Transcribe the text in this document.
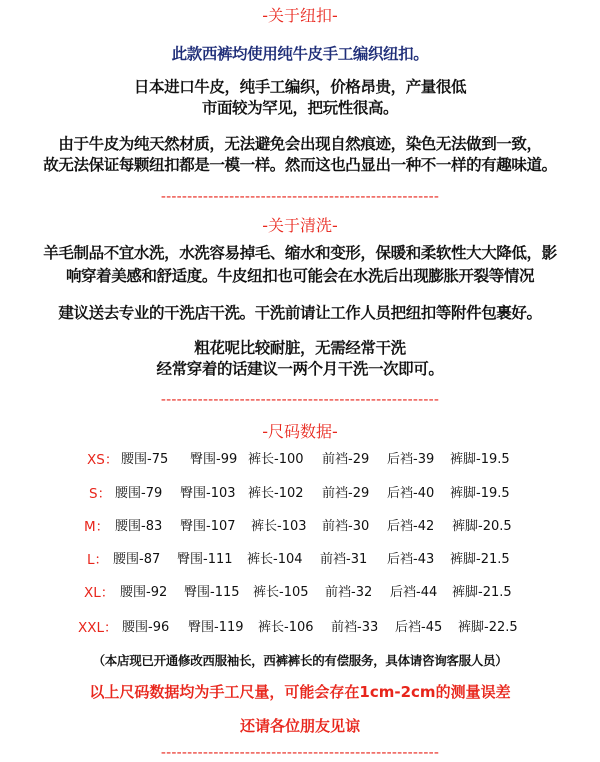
-关于纽扣-
此款西裤均使用纯牛皮手工编织纽扣。
日本进口牛皮，纯手工编织，价格昂贵，产量很低
市面较为罕见，把玩性很高。
由于牛皮为纯天然材质，无法避免会出现自然痕迹，染色无法做到一致，
故无法保证每颗纽扣都是一模一样。然而这也凸显出一种不一样的有趣味道。
-----------------------------------------------------
-关于清洗-
羊毛制品不宜水洗，水洗容易掉毛、缩水和变形，保暖和柔软性大大降低，影
响穿着美感和舒适度。牛皮纽扣也可能会在水洗后出现膨胀开裂等情况
建议送去专业的干洗店干洗。干洗前请让工作人员把纽扣等附件包裹好。
粗花呢比较耐脏，无需经常干洗
经常穿着的话建议一两个月干洗一次即可。
-----------------------------------------------------
-尺码数据-
XS： 腰围-75 臀围-99 裤长-100 前裆-29 后裆-39 裤脚-19.5
S： 腰围-79 臀围-103 裤长-102 前裆-29 后裆-40 裤脚-19.5
M： 腰围-83 臀围-107 裤长-103 前裆-30 后裆-42 裤脚-20.5
L： 腰围-87 臀围-111 裤长-104 前裆-31 后裆-43 裤脚-21.5
XL： 腰围-92 臀围-115 裤长-105 前裆-32 后裆-44 裤脚-21.5
XXL： 腰围-96 臀围-119 裤长-106 前裆-33 后裆-45 裤脚-22.5
（本店现已开通修改西服袖长，西裤裤长的有偿服务，具体请咨询客服人员）
以上尺码数据均为手工尺量，可能会存在1cm-2cm的测量误差
还请各位朋友见谅
-----------------------------------------------------
